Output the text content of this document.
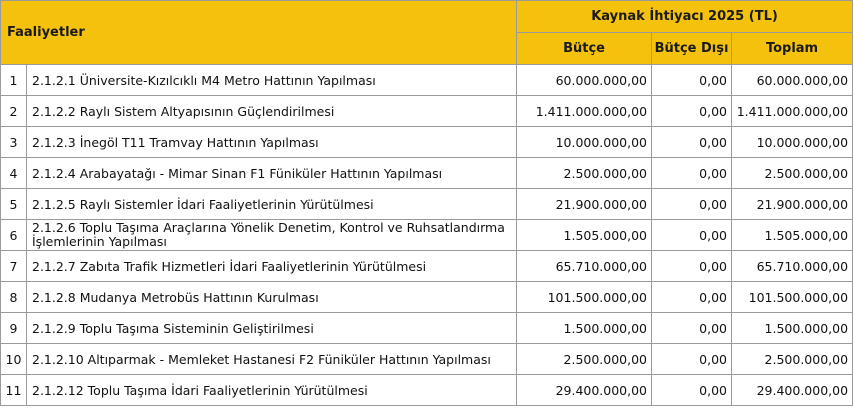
Faaliyetler		Kaynak İhtiyacı 2025 (TL)		
		Bütçe	Bütçe Dışı	Toplam
1	2.1.2.1 Üniversite-Kızılcıklı M4 Metro Hattının Yapılması	60.000.000,00	0,00	60.000.000,00
2	2.1.2.2 Raylı Sistem Altyapısının Güçlendirilmesi	1.411.000.000,00	0,00	1.411.000.000,00
3	2.1.2.3 İnegöl T11 Tramvay Hattının Yapılması	10.000.000,00	0,00	10.000.000,00
4	2.1.2.4 Arabayatağı - Mimar Sinan F1 Füniküler Hattının Yapılması	2.500.000,00	0,00	2.500.000,00
5	2.1.2.5 Raylı Sistemler İdari Faaliyetlerinin Yürütülmesi	21.900.000,00	0,00	21.900.000,00
6	2.1.2.6 Toplu Taşıma Araçlarına Yönelik Denetim, Kontrol ve Ruhsatlandırma İşlemlerinin Yapılması	1.505.000,00	0,00	1.505.000,00
7	2.1.2.7 Zabıta Trafik Hizmetleri İdari Faaliyetlerinin Yürütülmesi	65.710.000,00	0,00	65.710.000,00
8	2.1.2.8 Mudanya Metrobüs Hattının Kurulması	101.500.000,00	0,00	101.500.000,00
9	2.1.2.9 Toplu Taşıma Sisteminin Geliştirilmesi	1.500.000,00	0,00	1.500.000,00
10	2.1.2.10 Altıparmak - Memleket Hastanesi F2 Füniküler Hattının Yapılması	2.500.000,00	0,00	2.500.000,00
11	2.1.2.12 Toplu Taşıma İdari Faaliyetlerinin Yürütülmesi	29.400.000,00	0,00	29.400.000,00
